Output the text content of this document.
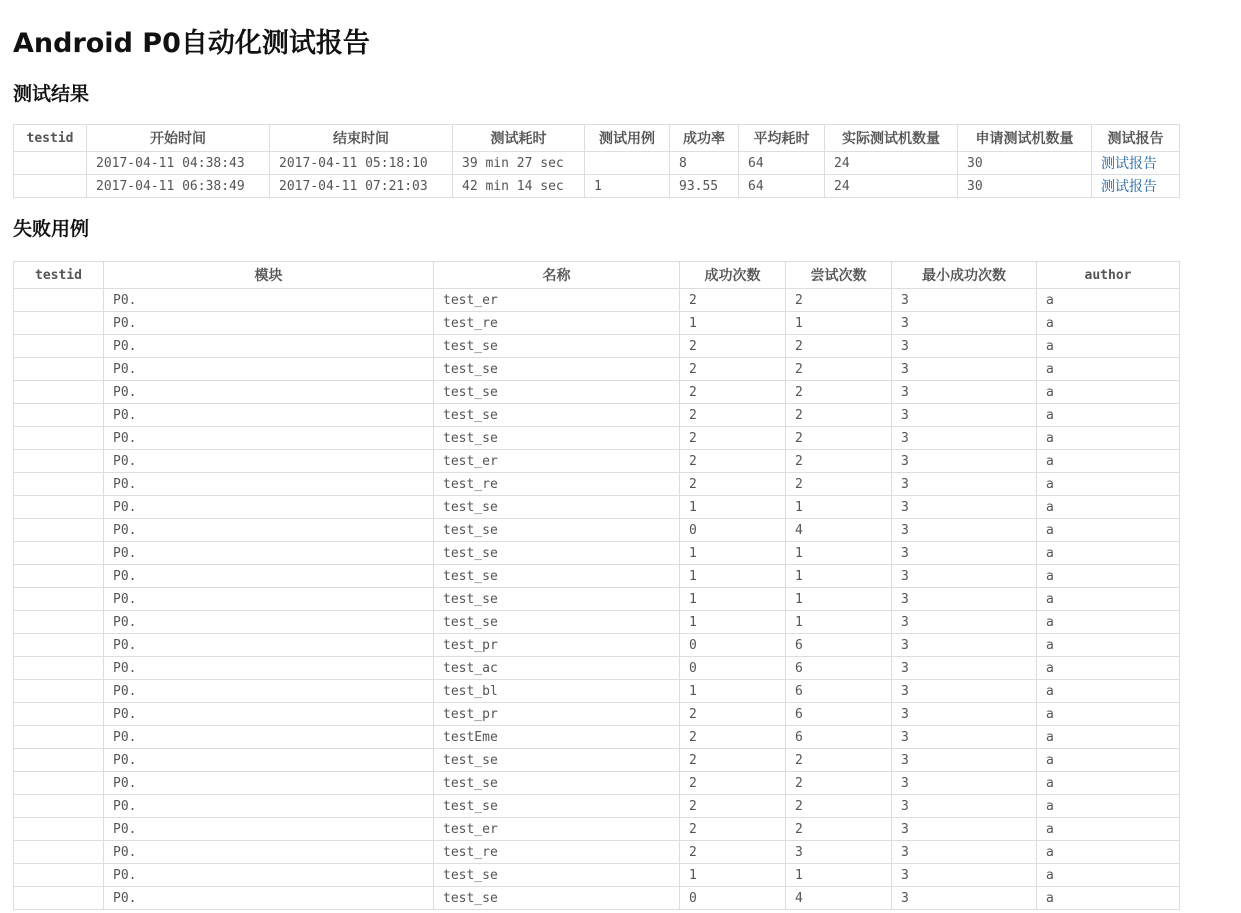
Android P0自动化测试报告
测试结果
testid	开始时间	结束时间	测试耗时	测试用例	成功率	平均耗时	实际测试机数量	申请测试机数量	测试报告
	2017-04-11 04:38:43	2017-04-11 05:18:10	39 min 27 sec		8	64	24	30	测试报告
	2017-04-11 06:38:49	2017-04-11 07:21:03	42 min 14 sec	1	93.55	64	24	30	测试报告
失败用例
testid	模块	名称	成功次数	尝试次数	最小成功次数	author
	P0.	test_er	2	2	3	a
	P0.	test_re	1	1	3	a
	P0.	test_se	2	2	3	a
	P0.	test_se	2	2	3	a
	P0.	test_se	2	2	3	a
	P0.	test_se	2	2	3	a
	P0.	test_se	2	2	3	a
	P0.	test_er	2	2	3	a
	P0.	test_re	2	2	3	a
	P0.	test_se	1	1	3	a
	P0.	test_se	0	4	3	a
	P0.	test_se	1	1	3	a
	P0.	test_se	1	1	3	a
	P0.	test_se	1	1	3	a
	P0.	test_se	1	1	3	a
	P0.	test_pr	0	6	3	a
	P0.	test_ac	0	6	3	a
	P0.	test_bl	1	6	3	a
	P0.	test_pr	2	6	3	a
	P0.	testEme	2	6	3	a
	P0.	test_se	2	2	3	a
	P0.	test_se	2	2	3	a
	P0.	test_se	2	2	3	a
	P0.	test_er	2	2	3	a
	P0.	test_re	2	3	3	a
	P0.	test_se	1	1	3	a
	P0.	test_se	0	4	3	a
